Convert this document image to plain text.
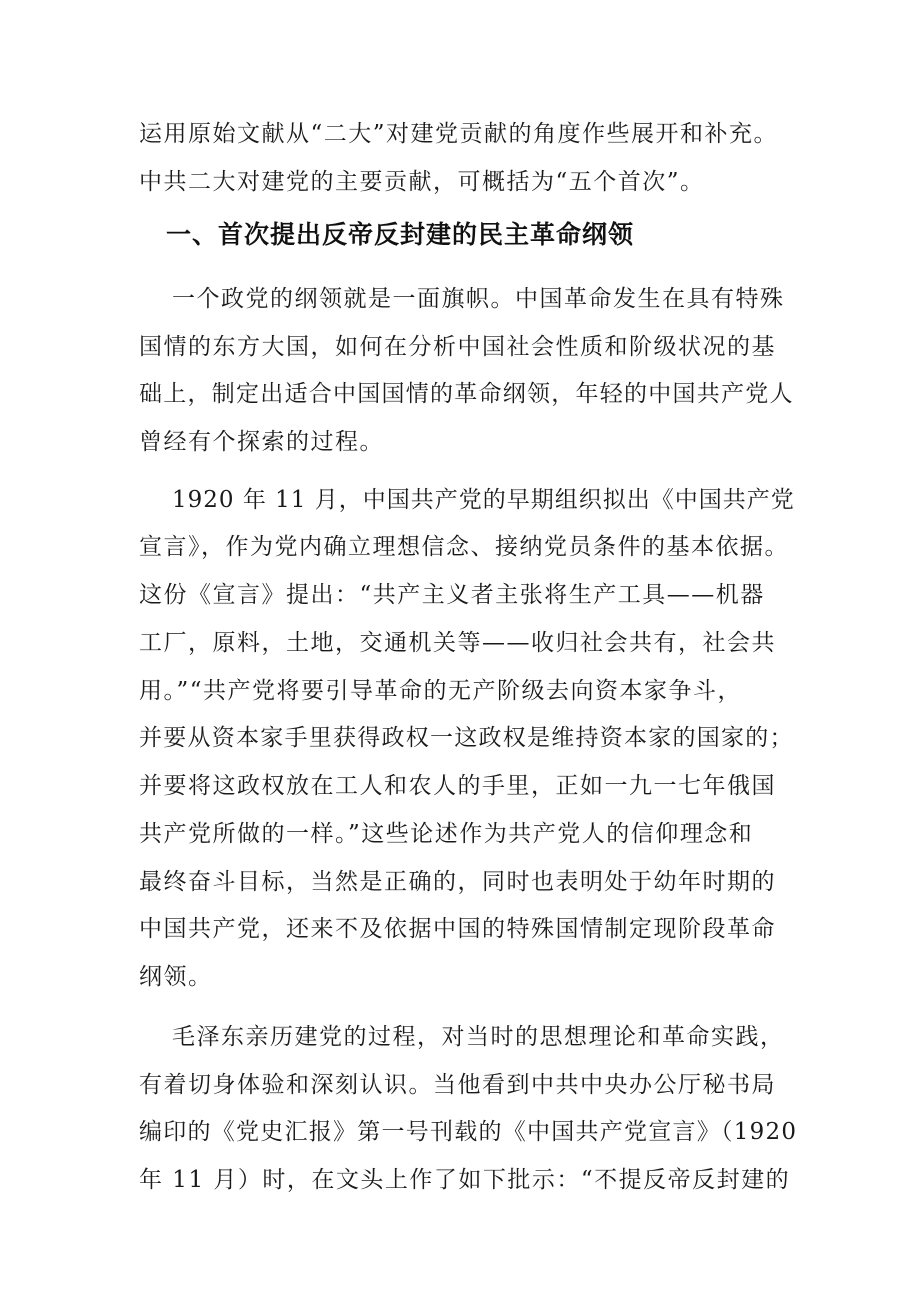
运用原始文献从“二大”对建党贡献的角度作些展开和补充。
中共二大对建党的主要贡献，可概括为“五个首次”。
一、首次提出反帝反封建的民主革命纲领
一个政党的纲领就是一面旗帜。中国革命发生在具有特殊
国情的东方大国，如何在分析中国社会性质和阶级状况的基
础上，制定出适合中国国情的革命纲领，年轻的中国共产党人
曾经有个探索的过程。
1920 年 11 月，中国共产党的早期组织拟出《中国共产党
宣言》，作为党内确立理想信念、接纳党员条件的基本依据。
这份《宣言》提出：“共产主义者主张将生产工具——机器
工厂，原料，土地，交通机关等——收归社会共有，社会共
用。”“共产党将要引导革命的无产阶级去向资本家争斗，
并要从资本家手里获得政权一这政权是维持资本家的国家的；
并要将这政权放在工人和农人的手里，正如一九一七年俄国
共产党所做的一样。”这些论述作为共产党人的信仰理念和
最终奋斗目标，当然是正确的，同时也表明处于幼年时期的
中国共产党，还来不及依据中国的特殊国情制定现阶段革命
纲领。
毛泽东亲历建党的过程，对当时的思想理论和革命实践，
有着切身体验和深刻认识。当他看到中共中央办公厅秘书局
编印的《党史汇报》第一号刊载的《中国共产党宣言》（1920
年 11 月）时，在文头上作了如下批示：“不提反帝反封建的
